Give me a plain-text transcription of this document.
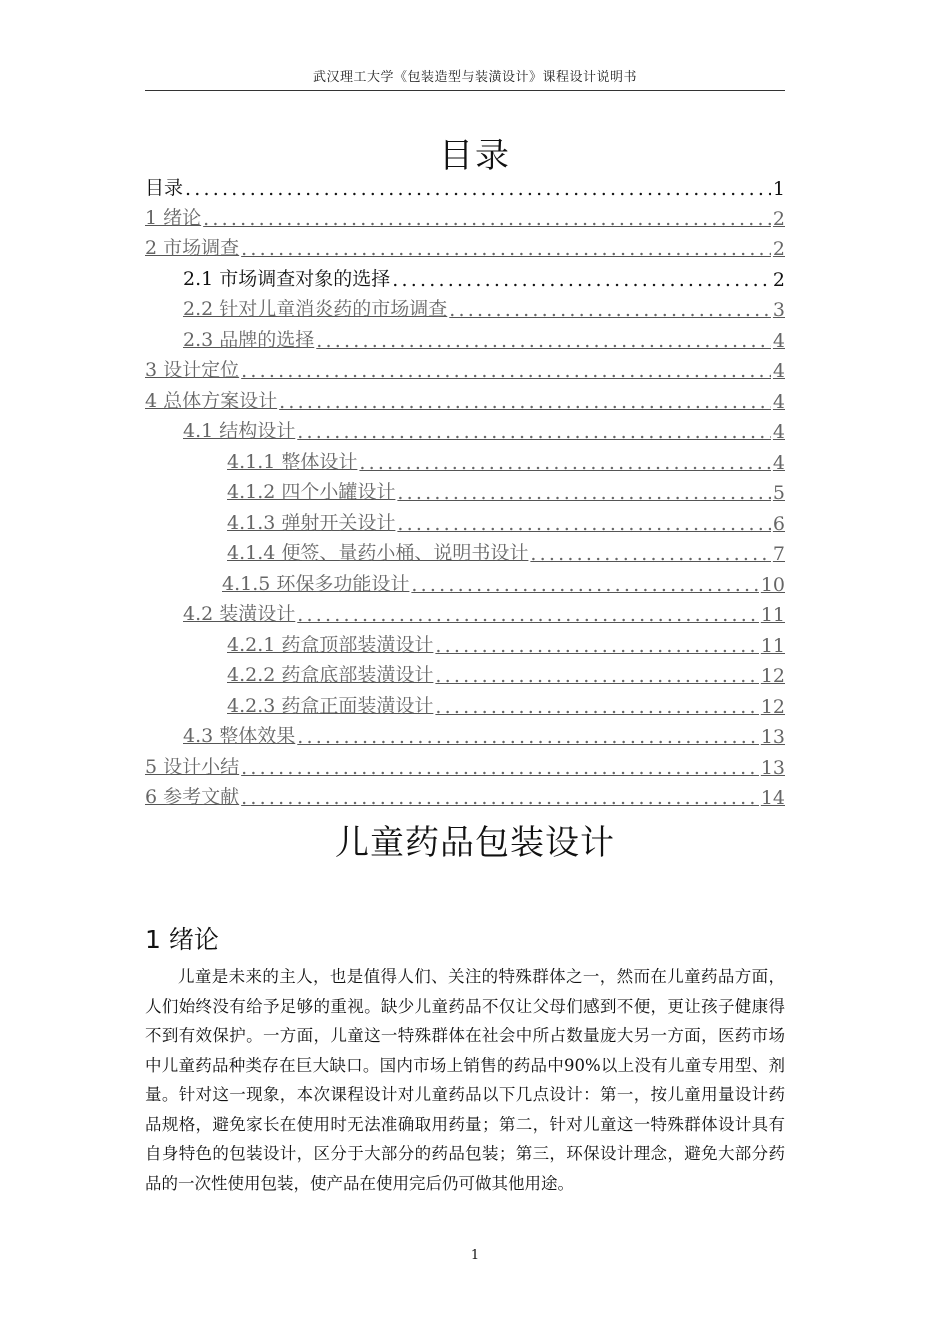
武汉理工大学《包装造型与装潢设计》课程设计说明书
目录
目录 .....	1
1 绪论 .....	2
2 市场调查 .....	2
2.1 市场调查对象的选择 .....	2
2.2 针对儿童消炎药的市场调查 .....	3
2.3 品牌的选择 .....	4
3 设计定位 .....	4
4 总体方案设计 .....	4
4.1 结构设计 .....	4
4.1.1 整体设计 .....	4
4.1.2 四个小罐设计 .....	5
4.1.3 弹射开关设计 .....	6
4.1.4 便签、量药小桶、说明书设计 .....	7
4.1.5 环保多功能设计 .....	10
4.2 装潢设计 .....	11
4.2.1 药盒顶部装潢设计 .....	11
4.2.2 药盒底部装潢设计 .....	12
4.2.3 药盒正面装潢设计 .....	12
4.3 整体效果 .....	13
5 设计小结 .....	13
6 参考文献 .....	14
儿童药品包装设计
1 绪论

儿童是未来的主人，也是值得人们、关注的特殊群体之一，然而在儿童药品方面，人们始终没有给予足够的重视。缺少儿童药品不仅让父母们感到不便，更让孩子健康得不到有效保护。一方面，儿童这一特殊群体在社会中所占数量庞大另一方面，医药市场中儿童药品种类存在巨大缺口。国内市场上销售的药品中90%以上没有儿童专用型、剂量。针对这一现象，本次课程设计对儿童药品以下几点设计：第一，按儿童用量设计药品规格，避免家长在使用时无法准确取用药量；第二，针对儿童这一特殊群体设计具有自身特色的包装设计，区分于大部分的药品包装；第三，环保设计理念，避免大部分药品的一次性使用包装，使产品在使用完后仍可做其他用途。

1
